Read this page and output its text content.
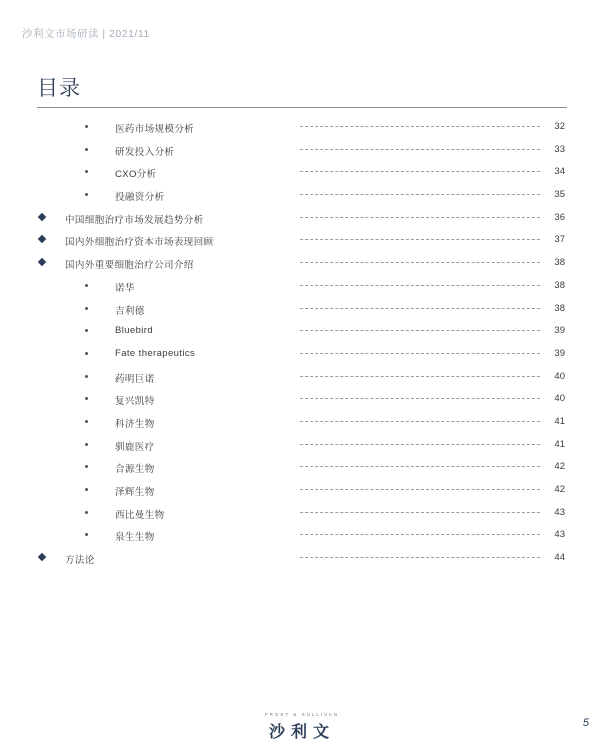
沙利文市场研读 | 2021/11
目录
医药市场规模分析	32
研发投入分析	33
CXO分析	34
投融资分析	35
中国细胞治疗市场发展趋势分析	36
国内外细胞治疗资本市场表现回顾	37
国内外重要细胞治疗公司介绍	38
诺华	38
吉利德	38
Bluebird	39
Fate therapeutics	39
药明巨诺	40
复兴凯特	40
科济生物	41
驯鹿医疗	41
合源生物	42
泽辉生物	42
西比曼生物	43
泉生生物	43
方法论	44
FROST & SULLIVAN
沙利文
5
